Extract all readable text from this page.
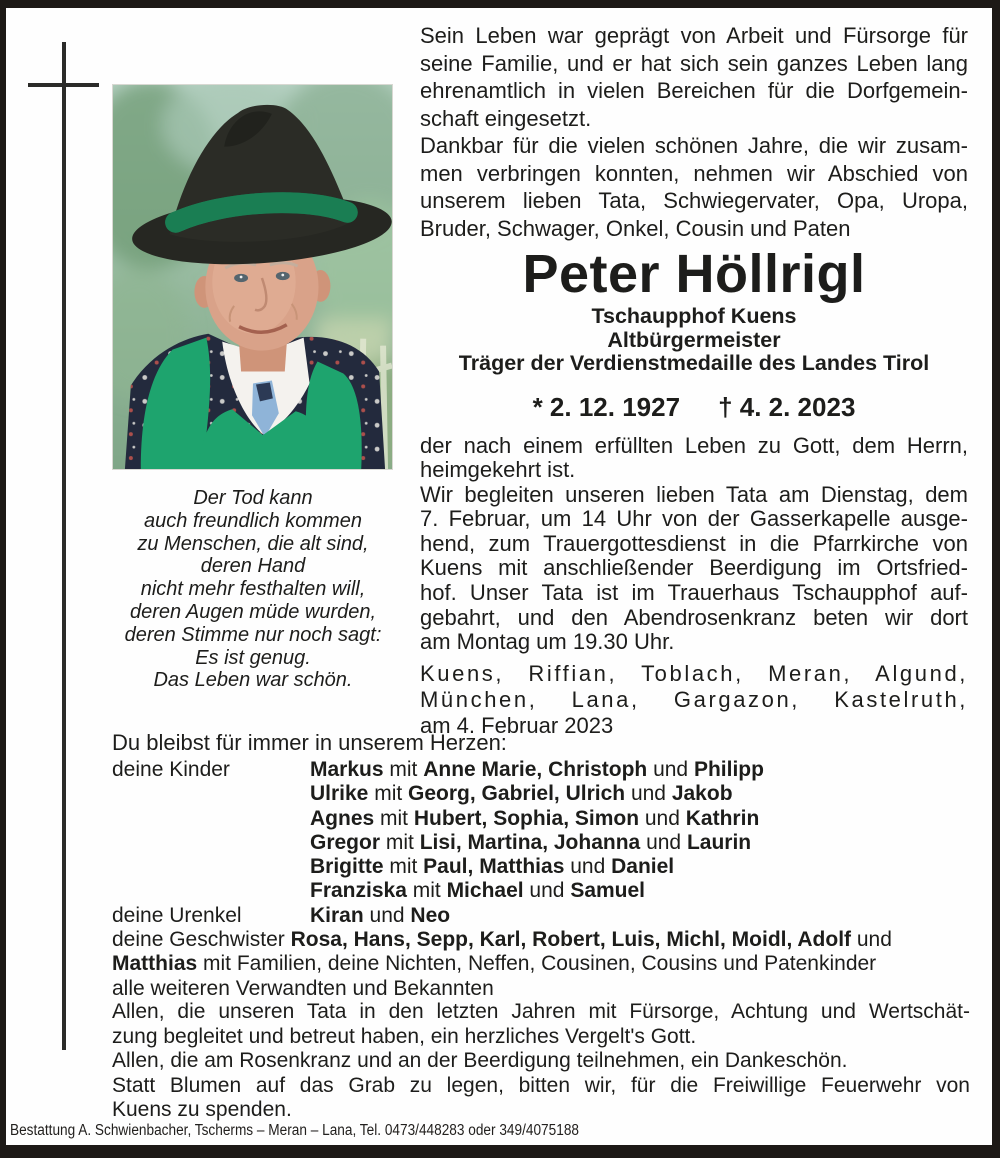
Sein Leben war geprägt von Arbeit und Fürsorge für
seine Familie, und er hat sich sein ganzes Leben lang
ehrenamtlich in vielen Bereichen für die Dorfgemein-
schaft eingesetzt.
Dankbar für die vielen schönen Jahre, die wir zusam-
men verbringen konnten, nehmen wir Abschied von
unserem lieben Tata, Schwiegervater, Opa, Uropa,
Bruder, Schwager, Onkel, Cousin und Paten
Peter Höllrigl
Tschaupphof Kuens
Altbürgermeister
Träger der Verdienstmedaille des Landes Tirol
* 2. 12. 1927 † 4. 2. 2023
der nach einem erfüllten Leben zu Gott, dem Herrn,
heimgekehrt ist.
Wir begleiten unseren lieben Tata am Dienstag, dem
7. Februar, um 14 Uhr von der Gasserkapelle ausge-
hend, zum Trauergottesdienst in die Pfarrkirche von
Kuens mit anschließender Beerdigung im Ortsfried-
hof. Unser Tata ist im Trauerhaus Tschaupphof auf-
gebahrt, und den Abendrosenkranz beten wir dort
am Montag um 19.30 Uhr.
Kuens, Riffian, Toblach, Meran, Algund,
München, Lana, Gargazon, Kastelruth,
am 4. Februar 2023
Der Tod kann
auch freundlich kommen
zu Menschen, die alt sind,
deren Hand
nicht mehr festhalten will,
deren Augen müde wurden,
deren Stimme nur noch sagt:
Es ist genug.
Das Leben war schön.
Du bleibst für immer in unserem Herzen:
deine Kinder	Markus mit Anne Marie, Christoph und Philipp
Ulrike mit Georg, Gabriel, Ulrich und Jakob
Agnes mit Hubert, Sophia, Simon und Kathrin
Gregor mit Lisi, Martina, Johanna und Laurin
Brigitte mit Paul, Matthias und Daniel
Franziska mit Michael und Samuel
deine Urenkel	Kiran und Neo
deine Geschwister Rosa, Hans, Sepp, Karl, Robert, Luis, Michl, Moidl, Adolf und
Matthias mit Familien, deine Nichten, Neffen, Cousinen, Cousins und Patenkinder
alle weiteren Verwandten und Bekannten
Allen, die unseren Tata in den letzten Jahren mit Fürsorge, Achtung und Wertschät-
zung begleitet und betreut haben, ein herzliches Vergelt's Gott.
Allen, die am Rosenkranz und an der Beerdigung teilnehmen, ein Dankeschön.
Statt Blumen auf das Grab zu legen, bitten wir, für die Freiwillige Feuerwehr von
Kuens zu spenden.
Bestattung A. Schwienbacher, Tscherms – Meran – Lana, Tel. 0473/448283 oder 349/4075188
